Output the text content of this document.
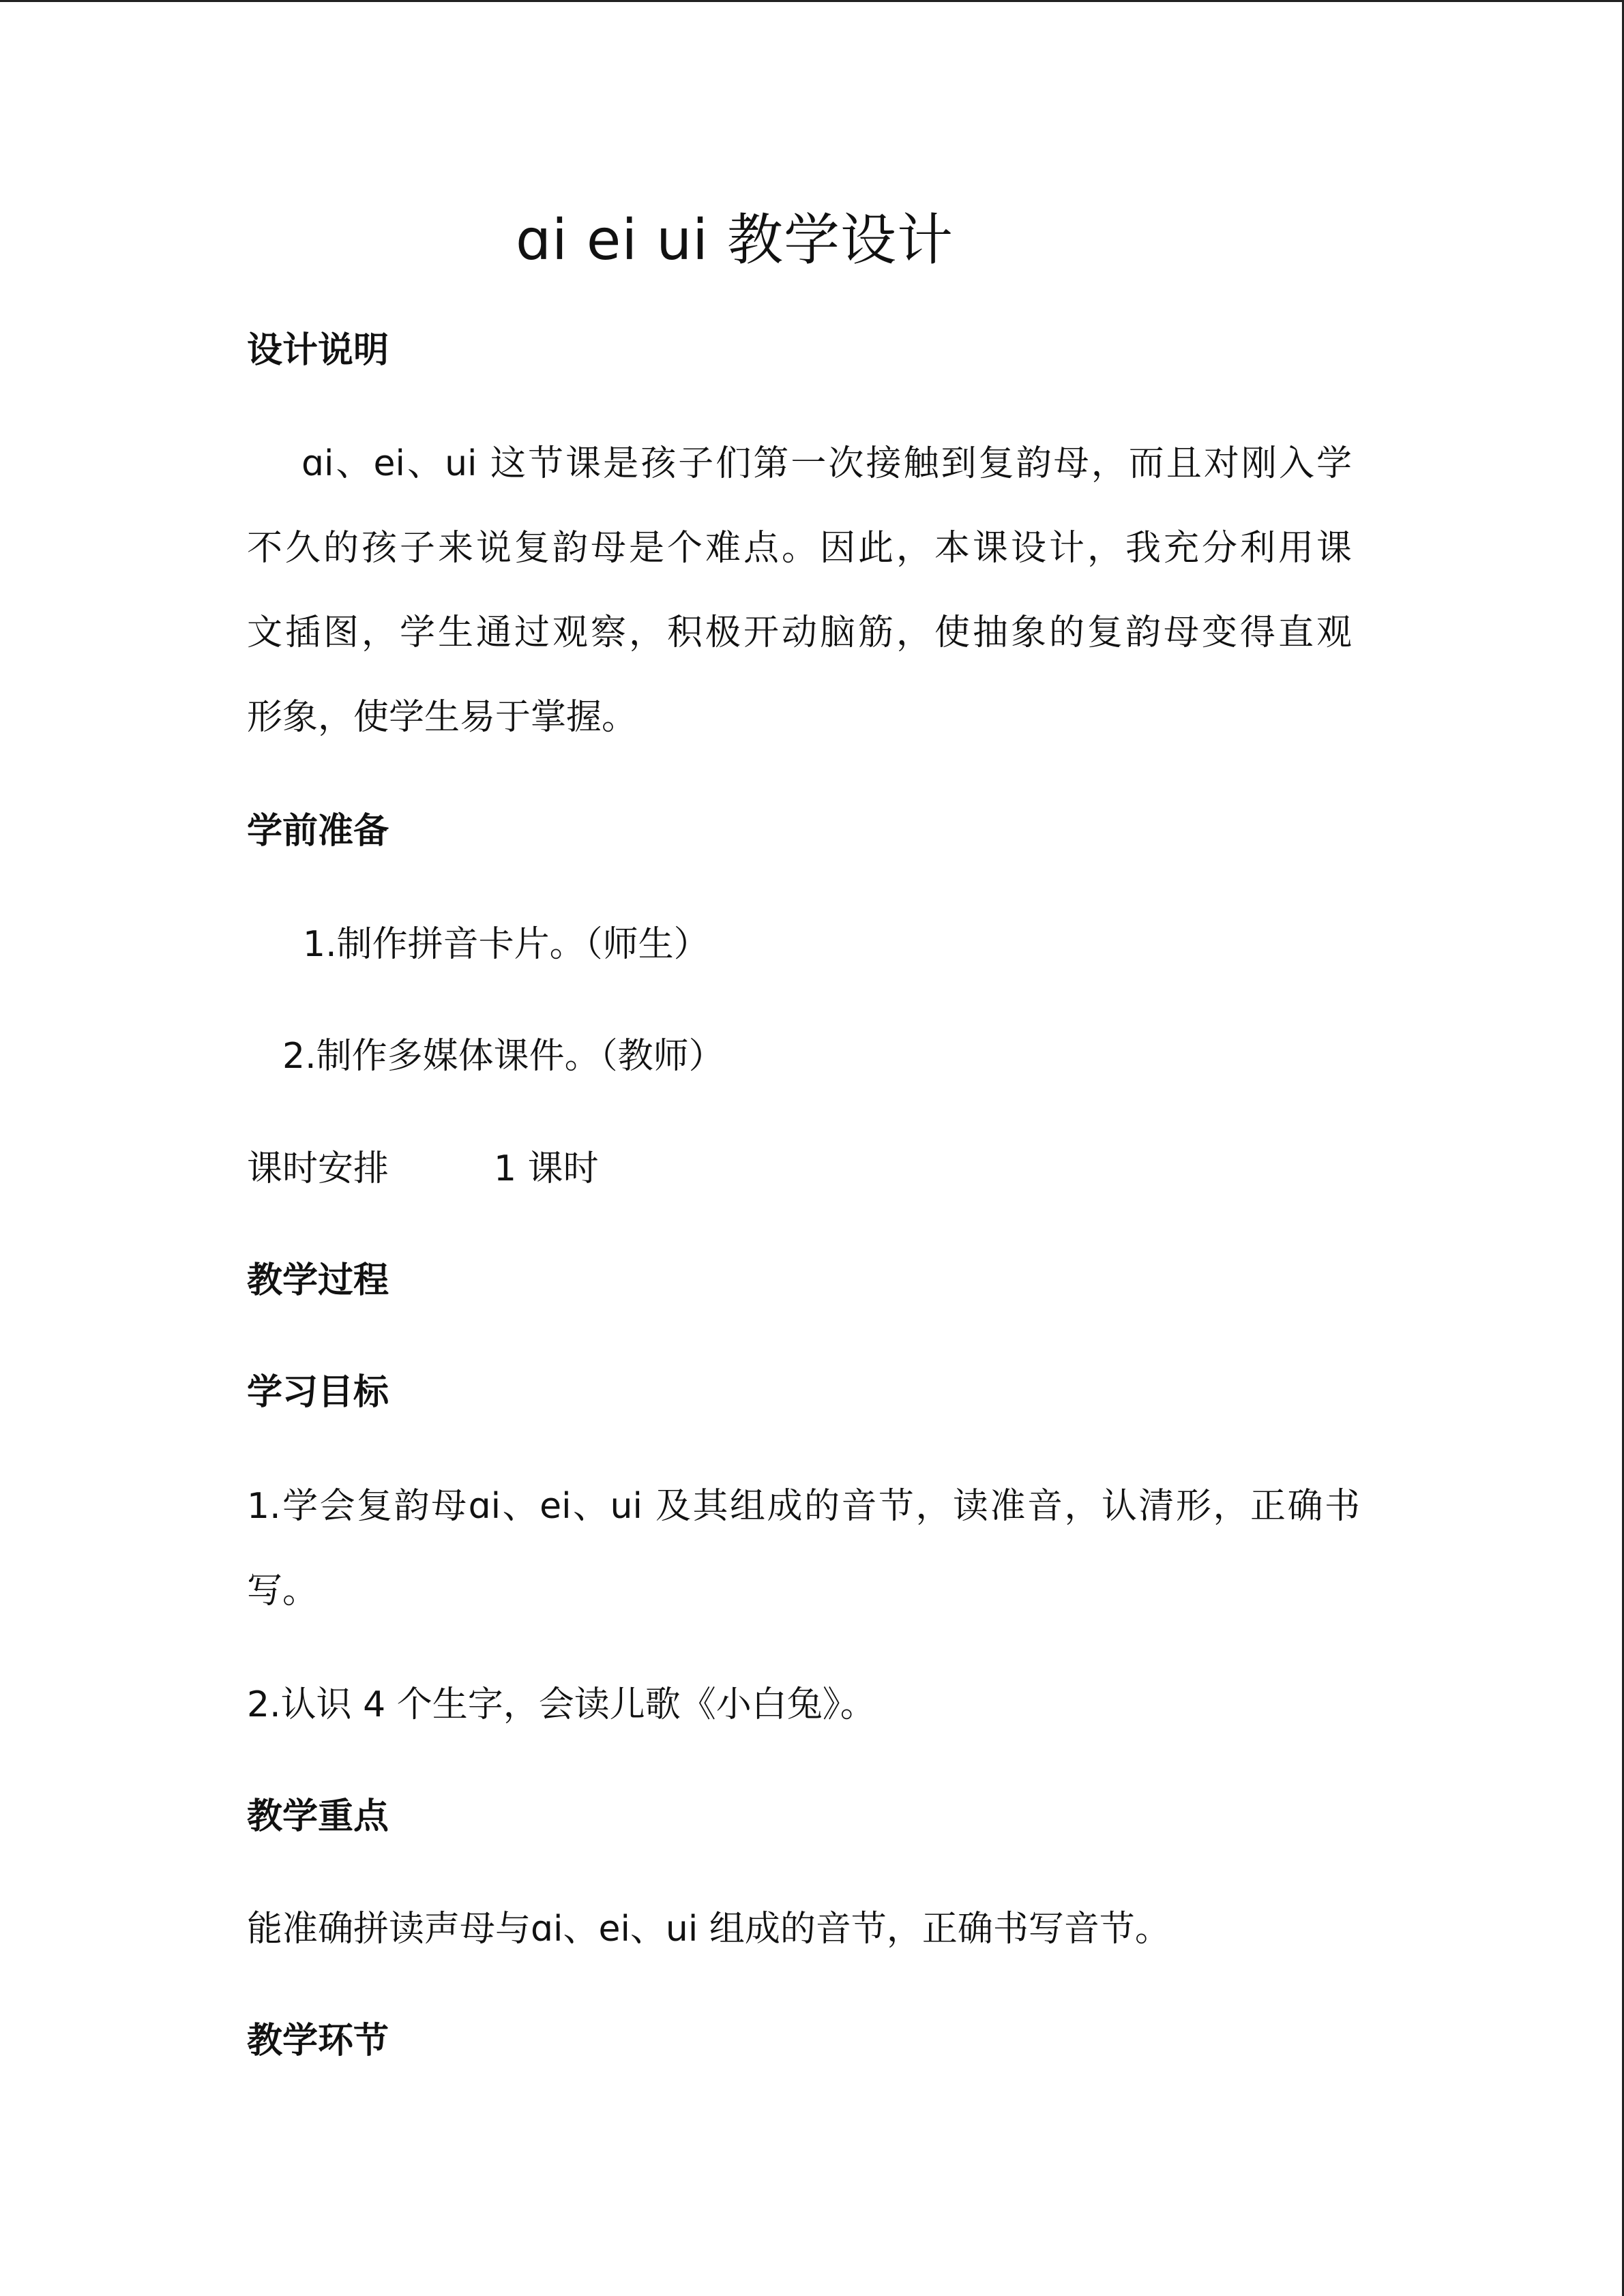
ɑi ei ui 教学设计
设计说明
ɑi、ei、ui 这节课是孩子们第一次接触到复韵母，而且对刚入学
不久的孩子来说复韵母是个难点。因此，本课设计，我充分利用课
文插图，学生通过观察，积极开动脑筋，使抽象的复韵母变得直观
形象，使学生易于掌握。
学前准备
1.制作拼音卡片。（师生）
2.制作多媒体课件。（教师）
课时安排	1 课时
教学过程
学习目标
1.学会复韵母ɑi、ei、ui 及其组成的音节，读准音，认清形，正确书
写。
2.认识 4 个生字，会读儿歌《小白兔》。
教学重点
能准确拼读声母与ɑi、ei、ui 组成的音节，正确书写音节。
教学环节
